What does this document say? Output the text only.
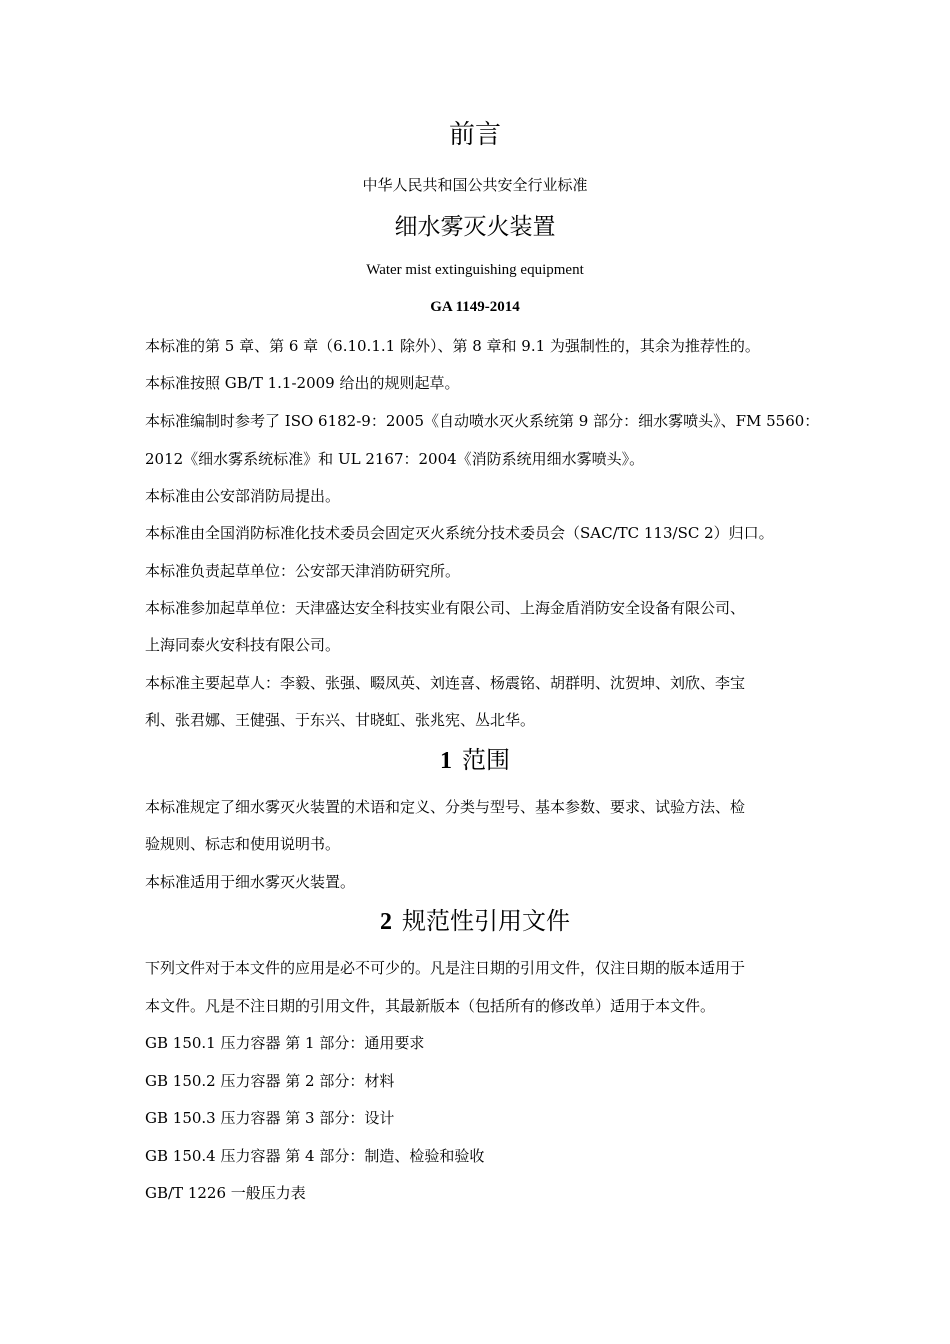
前言
中华人民共和国公共安全行业标准
细水雾灭火装置
Water mist extinguishing equipment
GA 1149-2014
本标准的第 5 章、第 6 章（6.10.1.1 除外）、第 8 章和 9.1 为强制性的，其余为推荐性的。
本标准按照 GB/T 1.1-2009 给出的规则起草。
本标准编制时参考了 ISO 6182-9：2005《自动喷水灭火系统第 9 部分：细水雾喷头》、FM 5560：
2012《细水雾系统标准》和 UL 2167：2004《消防系统用细水雾喷头》。
本标准由公安部消防局提出。
本标准由全国消防标准化技术委员会固定灭火系统分技术委员会（SAC/TC 113/SC 2）归口。
本标准负责起草单位：公安部天津消防研究所。
本标准参加起草单位：天津盛达安全科技实业有限公司、上海金盾消防安全设备有限公司、
上海同泰火安科技有限公司。
本标准主要起草人：李毅、张强、畷凤英、刘连喜、杨震铭、胡群明、沈贺坤、刘欣、李宝
利、张君娜、王健强、于东兴、甘晓虹、张兆宪、丛北华。
1 范围
本标准规定了细水雾灭火装置的术语和定义、分类与型号、基本参数、要求、试验方法、检
验规则、标志和使用说明书。
本标准适用于细水雾灭火装置。
2 规范性引用文件
下列文件对于本文件的应用是必不可少的。凡是注日期的引用文件，仅注日期的版本适用于
本文件。凡是不注日期的引用文件，其最新版本（包括所有的修改单）适用于本文件。
GB 150.1 压力容器 第 1 部分：通用要求
GB 150.2 压力容器 第 2 部分：材料
GB 150.3 压力容器 第 3 部分：设计
GB 150.4 压力容器 第 4 部分：制造、检验和验收
GB/T 1226 一般压力表
